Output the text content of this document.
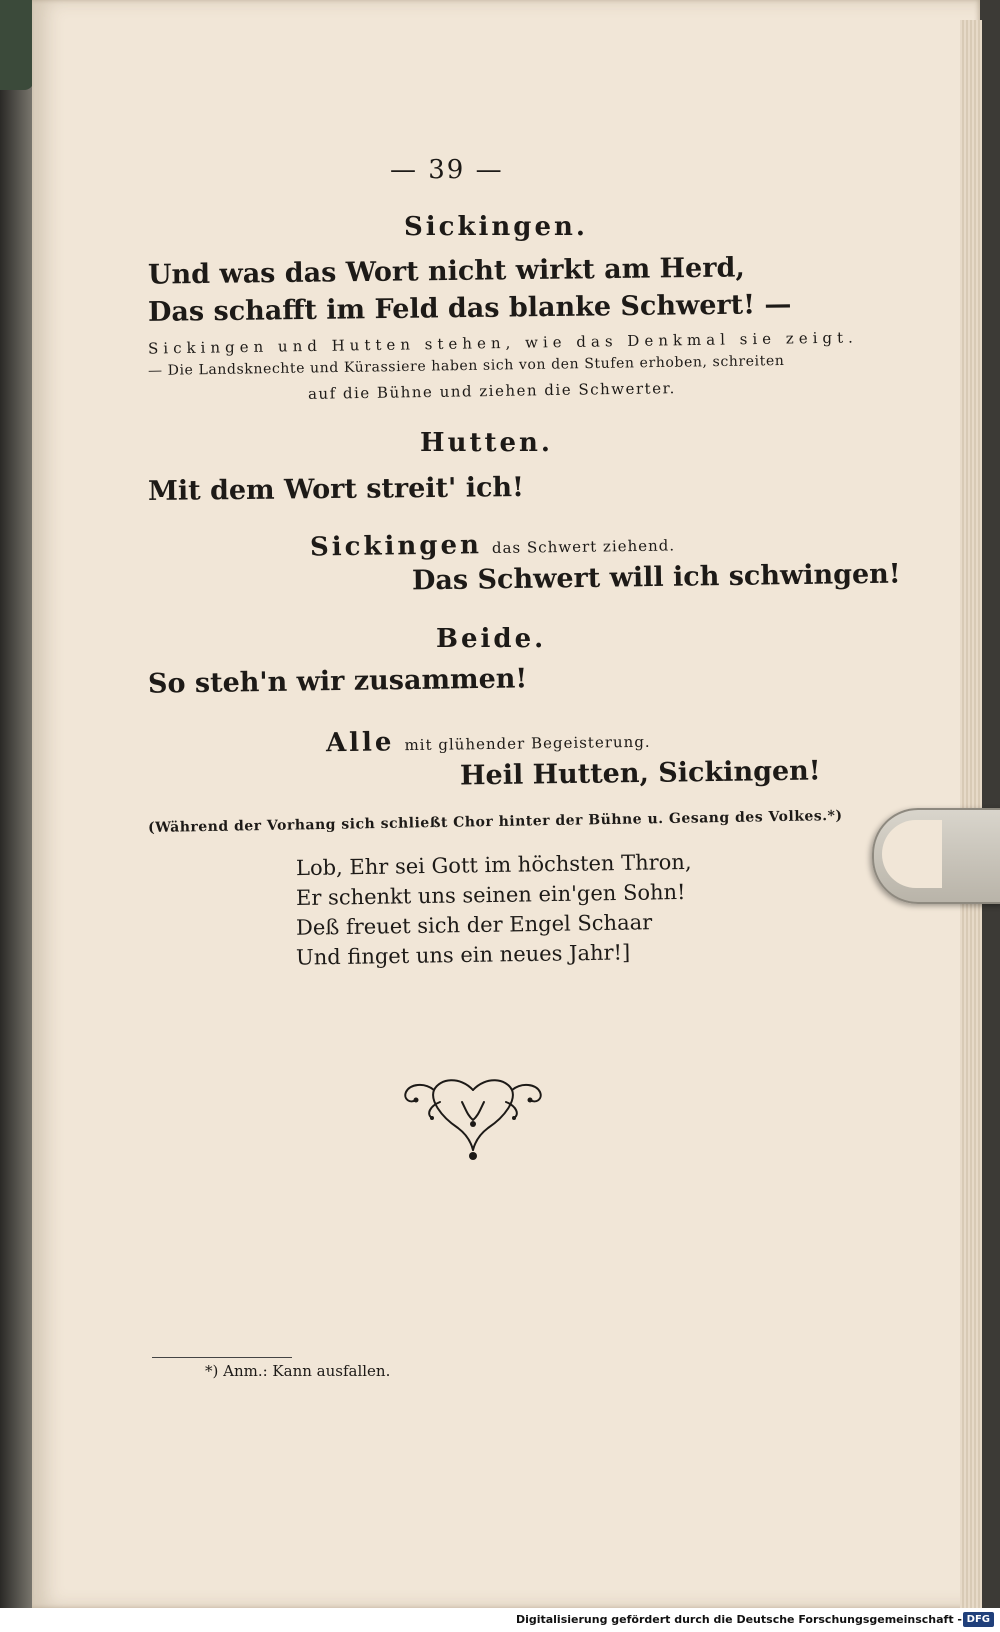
— 39 —
Sickingen.
Und was das Wort nicht wirkt am Herd,
Das schafft im Feld das blanke Schwert! —
Sickingen und Hutten stehen, wie das Denkmal sie zeigt.
— Die Landsknechte und Kürassiere haben sich von den Stufen erhoben, schreiten
auf die Bühne und ziehen die Schwerter.
Hutten.
Mit dem Wort streit' ich!
Sickingen das Schwert ziehend.
Das Schwert will ich schwingen!
Beide.
So steh'n wir zusammen!
Alle mit glühender Begeisterung.
Heil Hutten, Sickingen!
(Während der Vorhang sich schließt Chor hinter der Bühne u. Gesang des Volkes.*)
Lob, Ehr sei Gott im höchsten Thron,
Er schenkt uns seinen ein'gen Sohn!
Deß freuet sich der Engel Schaar
Und finget uns ein neues Jahr!]
*) Anm.: Kann ausfallen.
Digitalisierung gefördert durch die Deutsche Forschungsgemeinschaft - DFG
